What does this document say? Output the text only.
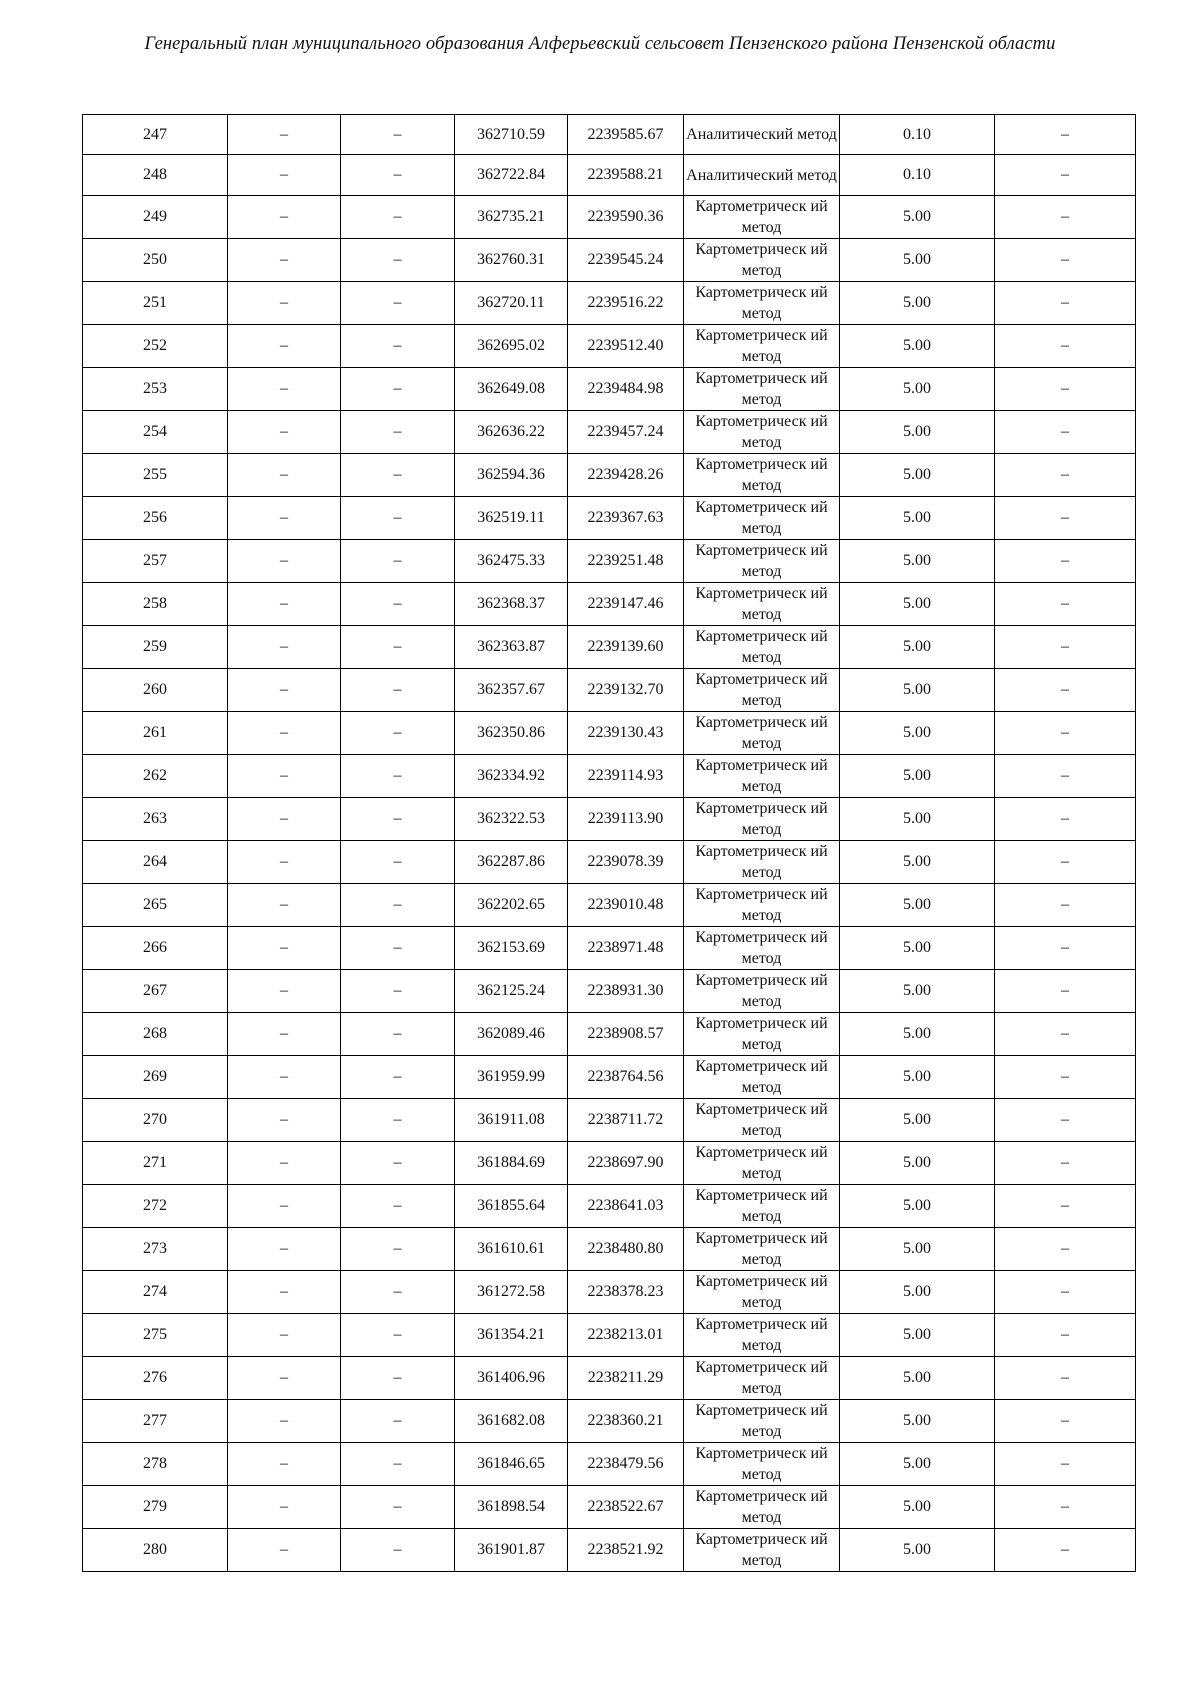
Генеральный план муниципального образования Алферьевский сельсовет Пензенского района Пензенской области
247	–	–	362710.59	2239585.67	Аналитический метод	0.10	–
248	–	–	362722.84	2239588.21	Аналитический метод	0.10	–
249	–	–	362735.21	2239590.36	Картометрическ ий метод	5.00	–
250	–	–	362760.31	2239545.24	Картометрическ ий метод	5.00	–
251	–	–	362720.11	2239516.22	Картометрическ ий метод	5.00	–
252	–	–	362695.02	2239512.40	Картометрическ ий метод	5.00	–
253	–	–	362649.08	2239484.98	Картометрическ ий метод	5.00	–
254	–	–	362636.22	2239457.24	Картометрическ ий метод	5.00	–
255	–	–	362594.36	2239428.26	Картометрическ ий метод	5.00	–
256	–	–	362519.11	2239367.63	Картометрическ ий метод	5.00	–
257	–	–	362475.33	2239251.48	Картометрическ ий метод	5.00	–
258	–	–	362368.37	2239147.46	Картометрическ ий метод	5.00	–
259	–	–	362363.87	2239139.60	Картометрическ ий метод	5.00	–
260	–	–	362357.67	2239132.70	Картометрическ ий метод	5.00	–
261	–	–	362350.86	2239130.43	Картометрическ ий метод	5.00	–
262	–	–	362334.92	2239114.93	Картометрическ ий метод	5.00	–
263	–	–	362322.53	2239113.90	Картометрическ ий метод	5.00	–
264	–	–	362287.86	2239078.39	Картометрическ ий метод	5.00	–
265	–	–	362202.65	2239010.48	Картометрическ ий метод	5.00	–
266	–	–	362153.69	2238971.48	Картометрическ ий метод	5.00	–
267	–	–	362125.24	2238931.30	Картометрическ ий метод	5.00	–
268	–	–	362089.46	2238908.57	Картометрическ ий метод	5.00	–
269	–	–	361959.99	2238764.56	Картометрическ ий метод	5.00	–
270	–	–	361911.08	2238711.72	Картометрическ ий метод	5.00	–
271	–	–	361884.69	2238697.90	Картометрическ ий метод	5.00	–
272	–	–	361855.64	2238641.03	Картометрическ ий метод	5.00	–
273	–	–	361610.61	2238480.80	Картометрическ ий метод	5.00	–
274	–	–	361272.58	2238378.23	Картометрическ ий метод	5.00	–
275	–	–	361354.21	2238213.01	Картометрическ ий метод	5.00	–
276	–	–	361406.96	2238211.29	Картометрическ ий метод	5.00	–
277	–	–	361682.08	2238360.21	Картометрическ ий метод	5.00	–
278	–	–	361846.65	2238479.56	Картометрическ ий метод	5.00	–
279	–	–	361898.54	2238522.67	Картометрическ ий метод	5.00	–
280	–	–	361901.87	2238521.92	Картометрическ ий метод	5.00	–
